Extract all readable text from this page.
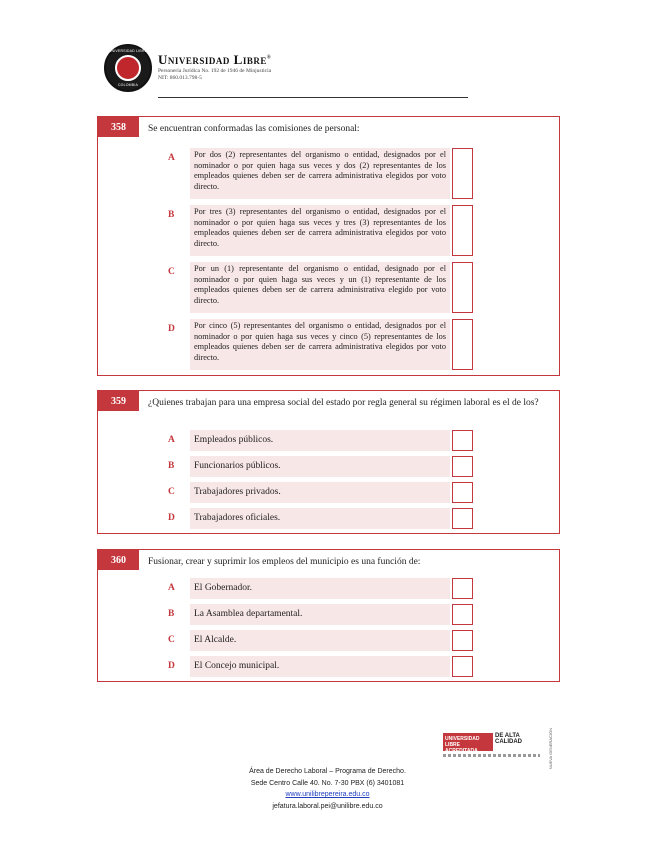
UNIVERSIDAD LIBRE
COLOMBIA
Universidad Libre®
Personería Jurídica No. 192 de 1946 de Minjusticia
NIT: 860.013.798-5
358	Se encuentran conformadas las comisiones de personal:
A	Por dos (2) representantes del organismo o entidad, designados por el nominador o por quien haga sus veces y dos (2) representantes de los empleados quienes deben ser de carrera administrativa elegidos por voto directo.
B	Por tres (3) representantes del organismo o entidad, designados por el nominador o por quien haga sus veces y tres (3) representantes de los empleados quienes deben ser de carrera administrativa elegidos por voto directo.
C	Por un (1) representante del organismo o entidad, designado por el nominador o por quien haga sus veces y un (1) representante de los empleados quienes deben ser de carrera administrativa elegido por voto directo.
D	Por cinco (5) representantes del organismo o entidad, designados por el nominador o por quien haga sus veces y cinco (5) representantes de los empleados quienes deben ser de carrera administrativa elegidos por voto directo.
359	¿Quienes trabajan para una empresa social del estado por regla general su régimen laboral es el de los?
A	Empleados públicos.
B	Funcionarios públicos.
C	Trabajadores privados.
D	Trabajadores oficiales.
360	Fusionar, crear y suprimir los empleos del municipio es una función de:
A	El Gobernador.
B	La Asamblea departamental.
C	El Alcalde.
D	El Concejo municipal.
UNIVERSIDAD LIBRE ACREDITADA
DE ALTA CALIDAD	NUEVA GENERACIÓN
Área de Derecho Laboral – Programa de Derecho.
Sede Centro Calle 40. No. 7-30 PBX (6) 3401081
www.unilibrepereira.edu.co
jefatura.laboral.pei@unilibre.edu.co
